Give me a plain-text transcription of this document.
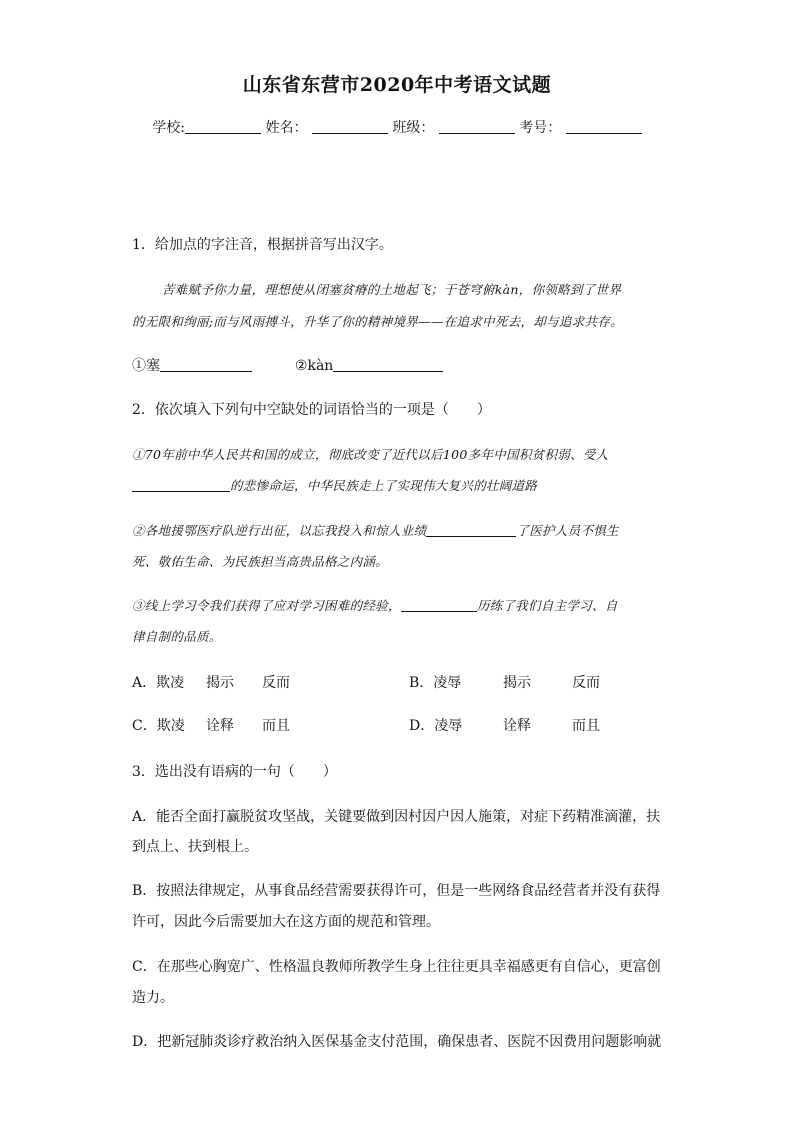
山东省东营市2020年中考语文试题
学校:	姓名：	班级：	考号：
1．给加点的字注音，根据拼音写出汉字。
苦难赋予你力量，理想使从闭塞贫瘠的土地起飞；于苍穹俯kàn，你领略到了世界
的无限和绚丽;而与风雨搏斗，升华了你的精神境界——在追求中死去，却与追求共存。
①塞	②kàn
2．依次填入下列句中空缺处的词语恰当的一项是（　　）
①70年前中华人民共和国的成立，彻底改变了近代以后100多年中国积贫积弱、受人
的悲惨命运，中华民族走上了实现伟大复兴的壮阔道路
②各地援鄂医疗队逆行出征，以忘我投入和惊人业绩	了医护人员不惧生
死、敬佑生命、为民族担当高贵品格之内涵。
③线上学习令我们获得了应对学习困难的经验，	历练了我们自主学习、自
律自制的品质。
A．欺凌 揭示 反而	B．凌辱	揭示	反而
C．欺凌 诠释 而且	D．凌辱	诠释	而且
3．选出没有语病的一句（　　）
A．能否全面打赢脱贫攻坚战，关键要做到因村因户因人施策，对症下药精准滴灌，扶
到点上、扶到根上。
B．按照法律规定，从事食品经营需要获得许可，但是一些网络食品经营者并没有获得
许可，因此今后需要加大在这方面的规范和管理。
C．在那些心胸宽广、性格温良教师所教学生身上往往更具幸福感更有自信心，更富创
造力。
D．把新冠肺炎诊疗救治纳入医保基金支付范围，确保患者、医院不因费用问题影响就
